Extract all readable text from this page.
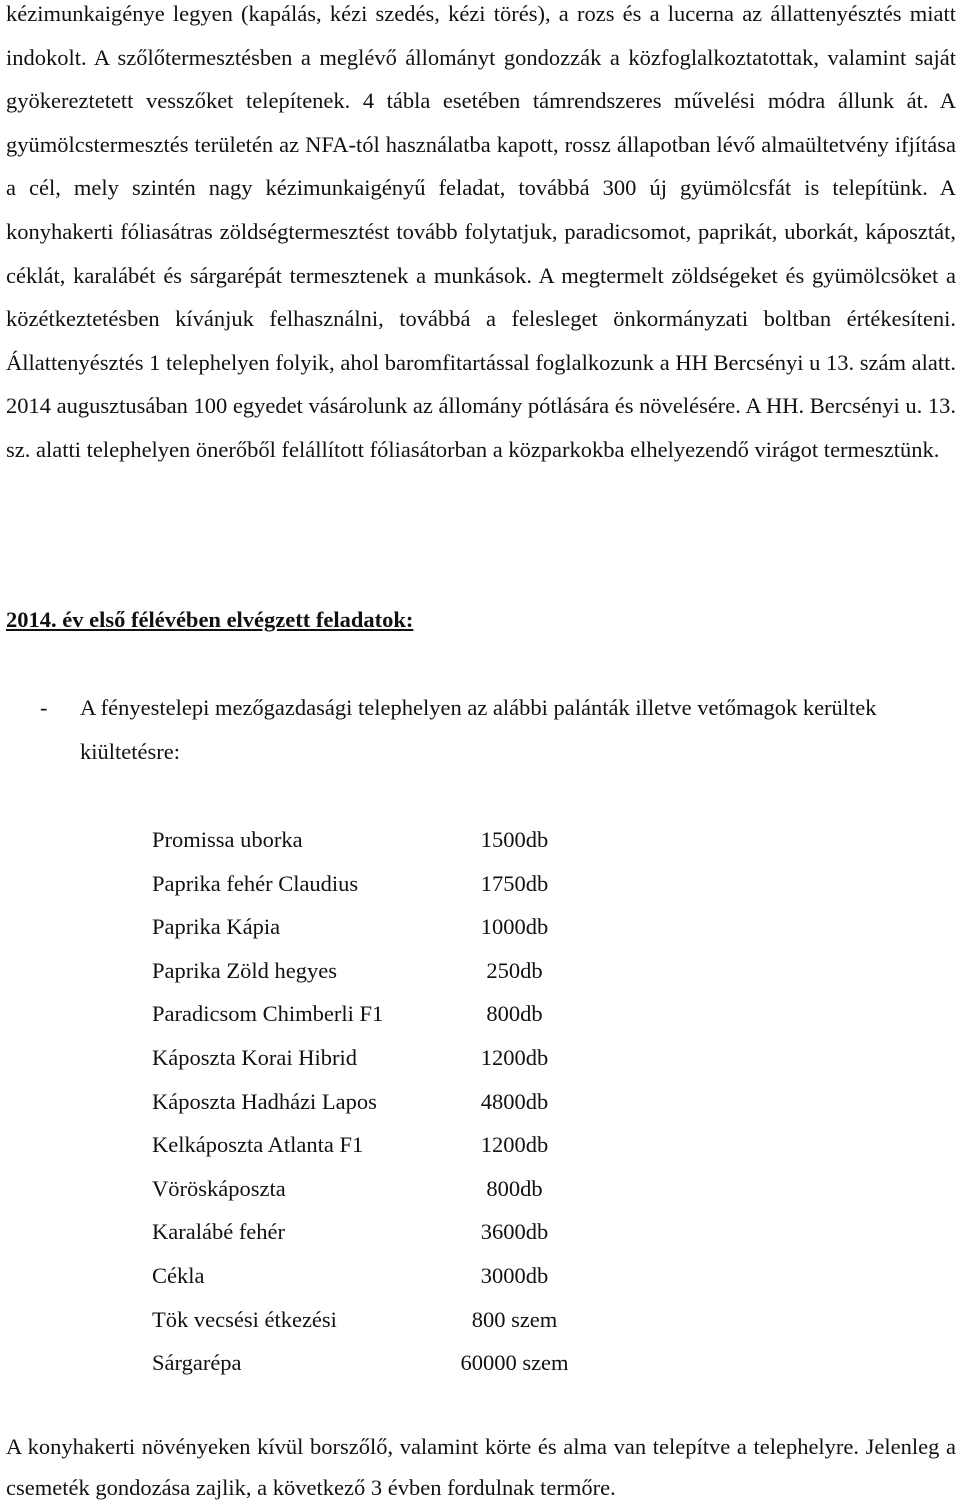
kézimunkaigénye legyen (kapálás, kézi szedés, kézi törés), a rozs és a lucerna az állattenyésztés miatt indokolt. A szőlőtermesztésben a meglévő állományt gondozzák a közfoglalkoztatottak, valamint saját gyökereztetett vesszőket telepítenek. 4 tábla esetében támrendszeres művelési módra állunk át. A gyümölcstermesztés területén az NFA-tól használatba kapott, rossz állapotban lévő almaültetvény ifjítása a cél, mely szintén nagy kézimunkaigényű feladat, továbbá 300 új gyümölcsfát is telepítünk. A konyhakerti fóliasátras zöldségtermesztést tovább folytatjuk, paradicsomot, paprikát, uborkát, káposztát, céklát, karalábét és sárgarépát termesztenek a munkások. A megtermelt zöldségeket és gyümölcsöket a közétkeztetésben kívánjuk felhasználni, továbbá a felesleget önkormányzati boltban értékesíteni. Állattenyésztés 1 telephelyen folyik, ahol baromfitartással foglalkozunk a HH Bercsényi u 13. szám alatt. 2014 augusztusában 100 egyedet vásárolunk az állomány pótlására és növelésére. A HH. Bercsényi u. 13. sz. alatti telephelyen önerőből felállított fóliasátorban a közparkokba elhelyezendő virágot termesztünk.

2014. év első félévében elvégzett feladatok:

- A fényestelepi mezőgazdasági telephelyen az alábbi palánták illetve vetőmagok kerültek kiültetésre:
Promissa uborka	1500db
Paprika fehér Claudius	1750db
Paprika Kápia	1000db
Paprika Zöld hegyes	250db
Paradicsom Chimberli F1	800db
Káposzta Korai Hibrid	1200db
Káposzta Hadházi Lapos	4800db
Kelkáposzta Atlanta F1	1200db
Vöröskáposzta	800db
Karalábé fehér	3600db
Cékla	3000db
Tök vecsési étkezési	800 szem
Sárgarépa	60000 szem

A konyhakerti növényeken kívül borszőlő, valamint körte és alma van telepítve a telephelyre. Jelenleg a csemeték gondozása zajlik, a következő 3 évben fordulnak termőre.
